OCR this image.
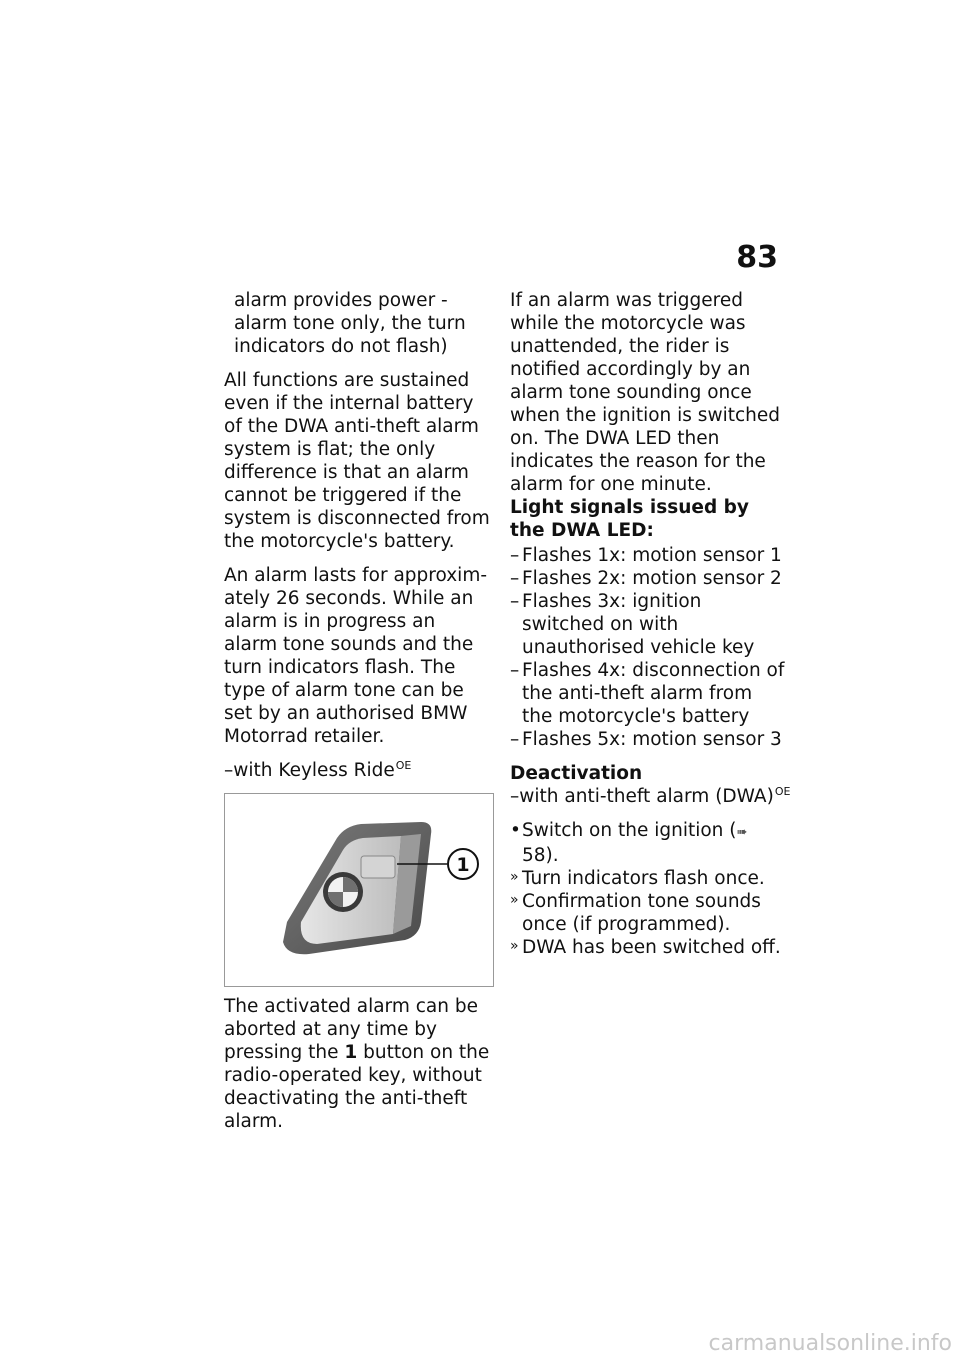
83

alarm provides power - alarm tone only, the turn indicators do not flash)

All functions are sustained even if the internal battery of the DWA anti-theft alarm system is flat; the only difference is that an alarm cannot be triggered if the system is disconnected from the motorcycle's battery.

An alarm lasts for approximately 26 seconds. While an alarm is in progress an alarm tone sounds and the turn indicators flash. The type of alarm tone can be set by an authorised BMW Motorrad retailer.

–with Keyless Ride$^{OE}$
1

The activated alarm can be aborted at any time by pressing the 1 button on the radio-operated key, without deactivating the anti-theft alarm.

If an alarm was triggered while the motorcycle was unattended, the rider is notified accordingly by an alarm tone sounding once when the ignition is switched on. The DWA LED then indicates the reason for the alarm for one minute.

Light signals issued by the DWA LED:

– Flashes 1x: motion sensor 1
– Flashes 2x: motion sensor 2
– Flashes 3x: ignition switched on with unauthorised vehicle key
– Flashes 4x: disconnection of the anti-theft alarm from the motorcycle's battery
– Flashes 5x: motion sensor 3

Deactivation

–with anti-theft alarm (DWA)$^{OE}$
• Switch on the ignition (➠ 58).
» Turn indicators flash once.
» Confirmation tone sounds once (if programmed).
» DWA has been switched off.
carmanualsonline.info
